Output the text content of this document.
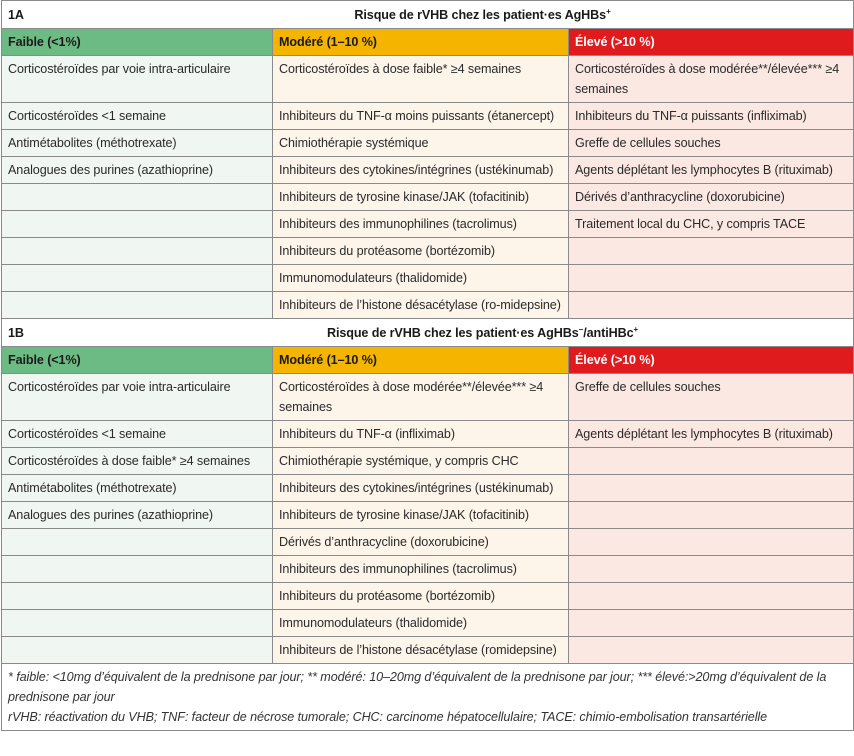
1A Risque de rVHB chez les patient·es AgHBs+

Faible (<1%)	Modéré (1–10 %)	Élevé (>10 %)
Corticostéroïdes par voie intra-articulaire	Corticostéroïdes à dose faible* ≥4 semaines	Corticostéroïdes à dose modérée**/élevée*** ≥4 semaines
Corticostéroïdes <1 semaine	Inhibiteurs du TNF-α moins puissants (étanercept)	Inhibiteurs du TNF-α puissants (infliximab)
Antimétabolites (méthotrexate)	Chimiothérapie systémique	Greffe de cellules souches
Analogues des purines (azathioprine)	Inhibiteurs des cytokines/intégrines (ustékinumab)	Agents déplétant les lymphocytes B (rituximab)
	Inhibiteurs de tyrosine kinase/JAK (tofacitinib)	Dérivés d’anthracycline (doxorubicine)
	Inhibiteurs des immunophilines (tacrolimus)	Traitement local du CHC, y compris TACE
	Inhibiteurs du protéasome (bortézomib)	
	Immunomodulateurs (thalidomide)	
	Inhibiteurs de l’histone désacétylase (ro-midepsine)	

1B Risque de rVHB chez les patient·es AgHBs−/antiHBc+

Faible (<1%)	Modéré (1–10 %)	Élevé (>10 %)
Corticostéroïdes par voie intra-articulaire	Corticostéroïdes à dose modérée**/élevée*** ≥4 semaines	Greffe de cellules souches
Corticostéroïdes <1 semaine	Inhibiteurs du TNF-α (infliximab)	Agents déplétant les lymphocytes B (rituximab)
Corticostéroïdes à dose faible* ≥4 semaines	Chimiothérapie systémique, y compris CHC	
Antimétabolites (méthotrexate)	Inhibiteurs des cytokines/intégrines (ustékinumab)	
Analogues des purines (azathioprine)	Inhibiteurs de tyrosine kinase/JAK (tofacitinib)	
	Dérivés d’anthracycline (doxorubicine)	
	Inhibiteurs des immunophilines (tacrolimus)	
	Inhibiteurs du protéasome (bortézomib)	
	Immunomodulateurs (thalidomide)	
	Inhibiteurs de l’histone désacétylase (romidepsine)	

* faible: <10mg d’équivalent de la prednisone par jour; ** modéré: 10–20mg d’équivalent de la prednisone par jour; *** élevé:>20mg d’équivalent de la prednisone par jour
rVHB: réactivation du VHB; TNF: facteur de nécrose tumorale; CHC: carcinome hépatocellulaire; TACE: chimio-embolisation transartérielle		
